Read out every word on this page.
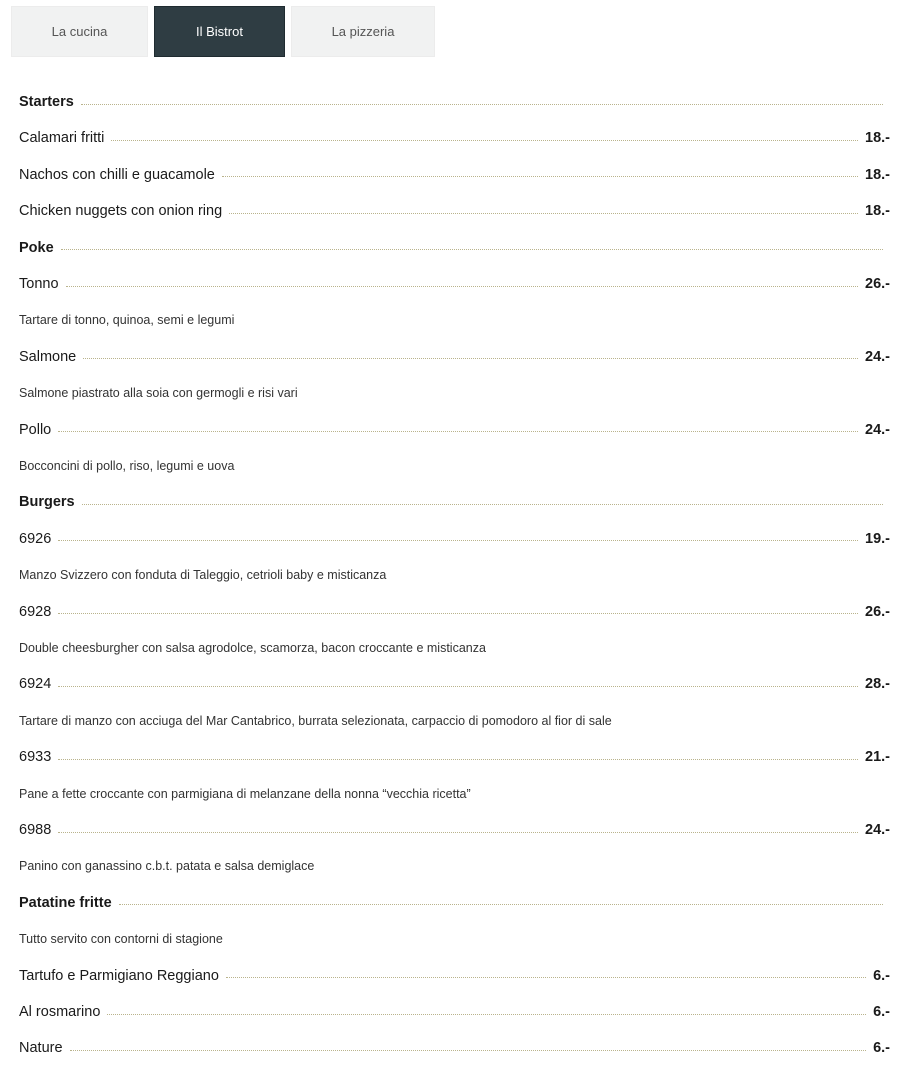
La cucina	Il Bistrot	La pizzeria
Starters
Calamari fritti	18.-
Nachos con chilli e guacamole	18.-
Chicken nuggets con onion ring	18.-
Poke
Tonno	26.-
Tartare di tonno, quinoa, semi e legumi
Salmone	24.-
Salmone piastrato alla soia con germogli e risi vari
Pollo	24.-
Bocconcini di pollo, riso, legumi e uova
Burgers
6926	19.-
Manzo Svizzero con fonduta di Taleggio, cetrioli baby e misticanza
6928	26.-
Double cheesburgher con salsa agrodolce, scamorza, bacon croccante e misticanza
6924	28.-
Tartare di manzo con acciuga del Mar Cantabrico, burrata selezionata, carpaccio di pomodoro al fior di sale
6933	21.-
Pane a fette croccante con parmigiana di melanzane della nonna “vecchia ricetta”
6988	24.-
Panino con ganassino c.b.t. patata e salsa demiglace
Patatine fritte
Tutto servito con contorni di stagione
Tartufo e Parmigiano Reggiano	6.-
Al rosmarino	6.-
Nature	6.-
